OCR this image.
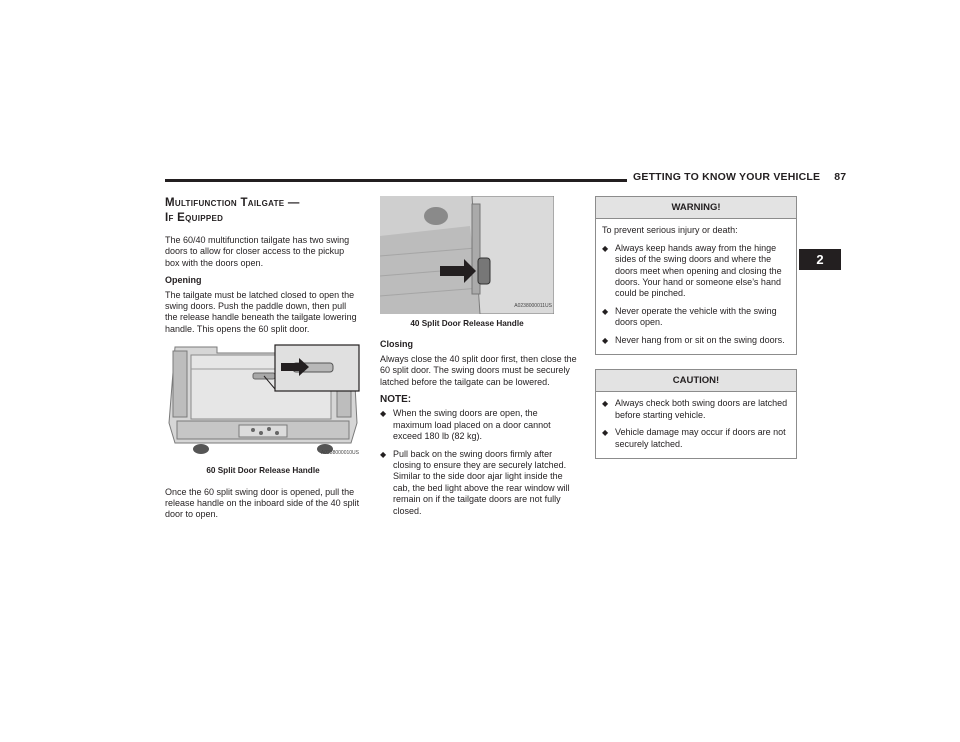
GETTING TO KNOW YOUR VEHICLE 87
2
Multifunction Tailgate —
If Equipped

The 60/40 multifunction tailgate has two swing doors to allow for closer access to the pickup box with the doors open.

Opening

The tailgate must be latched closed to open the swing doors. Push the paddle down, then pull the release handle beneath the tailgate lowering handle. This opens the 60 split door.

A0238000010US
60 Split Door Release Handle

Once the 60 split swing door is opened, pull the release handle on the inboard side of the 40 split door to open.

A0238000011US
40 Split Door Release Handle
Closing

Always close the 40 split door first, then close the 60 split door. The swing doors must be securely latched before the tailgate can be lowered.

NOTE:
◆ When the swing doors are open, the maximum load placed on a door cannot exceed 180 lb (82 kg).
◆ Pull back on the swing doors firmly after closing to ensure they are securely latched. Similar to the side door ajar light inside the cab, the bed light above the rear window will remain on if the tailgate doors are not fully closed.
WARNING!

To prevent serious injury or death:

◆ Always keep hands away from the hinge sides of the swing doors and where the doors meet when opening and closing the doors. Your hand or someone else’s hand could be pinched.
◆ Never operate the vehicle with the swing doors open.
◆ Never hang from or sit on the swing doors.
CAUTION!
◆ Always check both swing doors are latched before starting vehicle.
◆ Vehicle damage may occur if doors are not securely latched.
